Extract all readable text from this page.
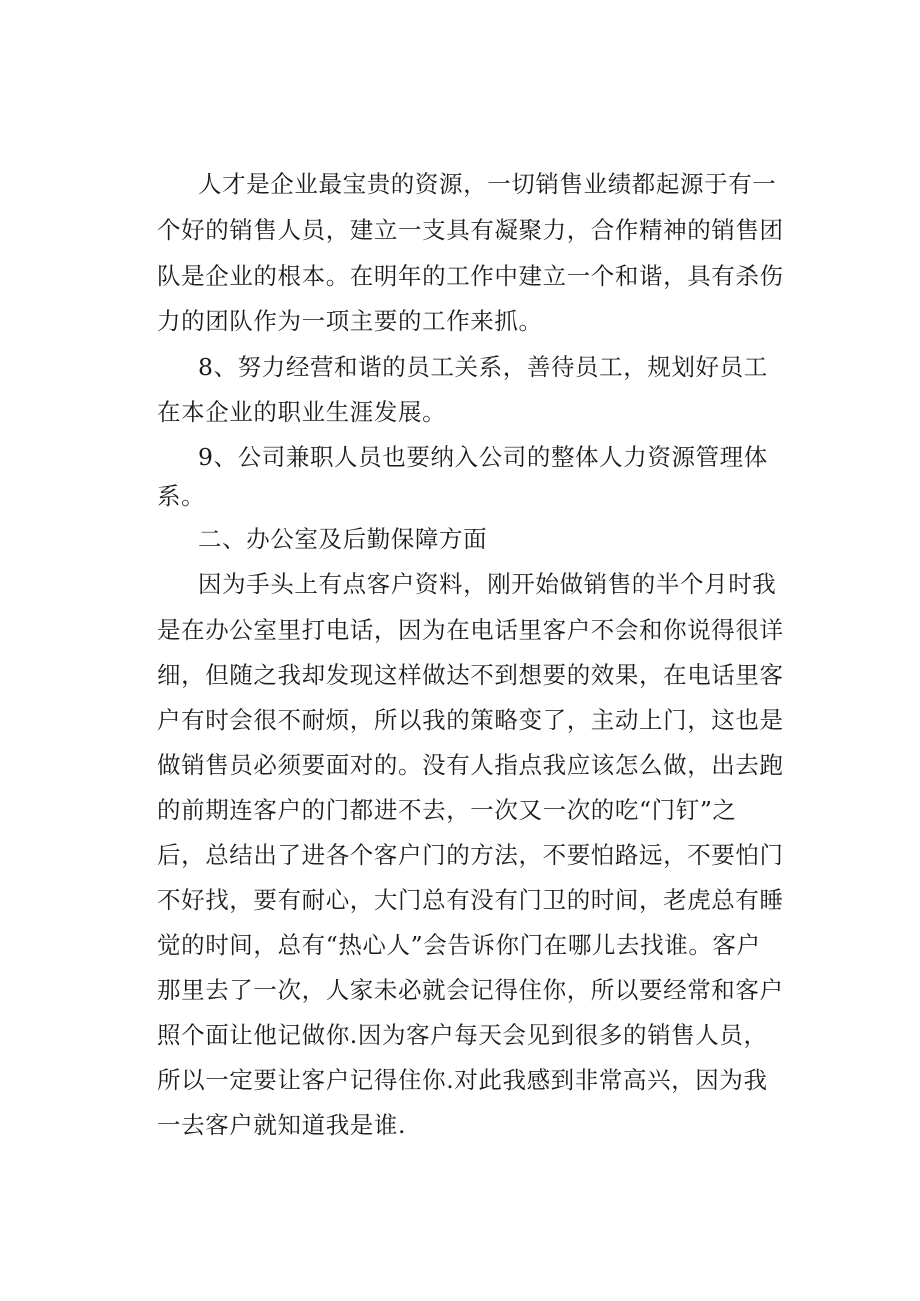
人才是企业最宝贵的资源，一切销售业绩都起源于有一
个好的销售人员，建立一支具有凝聚力，合作精神的销售团
队是企业的根本。在明年的工作中建立一个和谐，具有杀伤
力的团队作为一项主要的工作来抓。
8、努力经营和谐的员工关系，善待员工，规划好员工
在本企业的职业生涯发展。
9、公司兼职人员也要纳入公司的整体人力资源管理体
系。
二、办公室及后勤保障方面
因为手头上有点客户资料，刚开始做销售的半个月时我
是在办公室里打电话，因为在电话里客户不会和你说得很详
细，但随之我却发现这样做达不到想要的效果，在电话里客
户有时会很不耐烦，所以我的策略变了，主动上门，这也是
做销售员必须要面对的。没有人指点我应该怎么做，出去跑
的前期连客户的门都进不去，一次又一次的吃“门钉”之
后，总结出了进各个客户门的方法，不要怕路远，不要怕门
不好找，要有耐心，大门总有没有门卫的时间，老虎总有睡
觉的时间，总有“热心人”会告诉你门在哪儿去找谁。客户
那里去了一次，人家未必就会记得住你，所以要经常和客户
照个面让他记做你.因为客户每天会见到很多的销售人员，
所以一定要让客户记得住你.对此我感到非常高兴，因为我
一去客户就知道我是谁.
